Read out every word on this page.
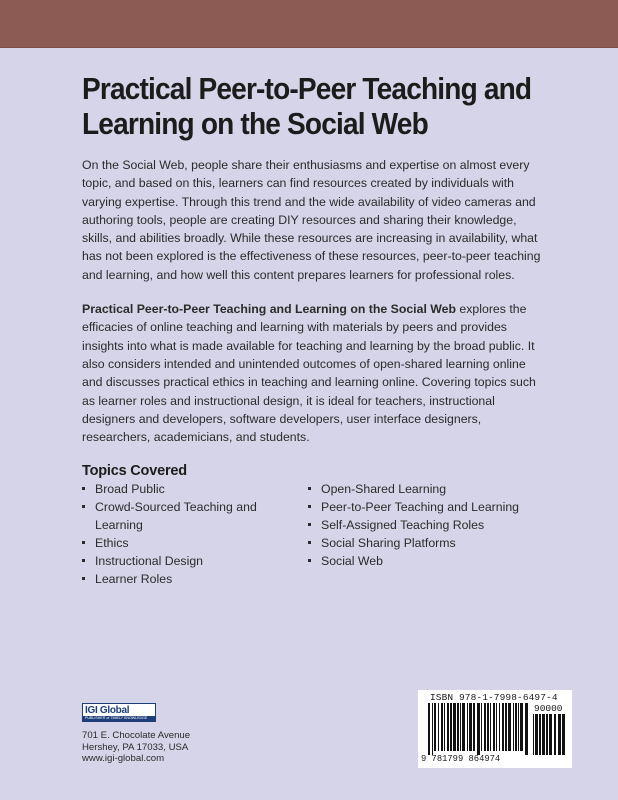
Practical Peer-to-Peer Teaching and Learning on the Social Web

On the Social Web, people share their enthusiasms and expertise on almost every topic, and based on this, learners can find resources created by individuals with varying expertise. Through this trend and the wide availability of video cameras and authoring tools, people are creating DIY resources and sharing their knowledge, skills, and abilities broadly. While these resources are increasing in availability, what has not been explored is the effectiveness of these resources, peer-to-peer teaching and learning, and how well this content prepares learners for professional roles.

Practical Peer-to-Peer Teaching and Learning on the Social Web explores the efficacies of online teaching and learning with materials by peers and provides insights into what is made available for teaching and learning by the broad public. It also considers intended and unintended outcomes of open-shared learning online and discusses practical ethics in teaching and learning online. Covering topics such as learner roles and instructional design, it is ideal for teachers, instructional designers and developers, software developers, user interface designers, researchers, academicians, and students.

Topics Covered
Broad Public
Crowd-Sourced Teaching and Learning
Ethics
Instructional Design
Learner Roles
Open-Shared Learning
Peer-to-Peer Teaching and Learning
Self-Assigned Teaching Roles
Social Sharing Platforms
Social Web
IGI Global
PUBLISHER of TIMELY KNOWLEDGE
701 E. Chocolate Avenue
Hershey, PA 17033, USA
www.igi-global.com
ISBN 978-1-7998-6497-4
90000
9 781799 864974
